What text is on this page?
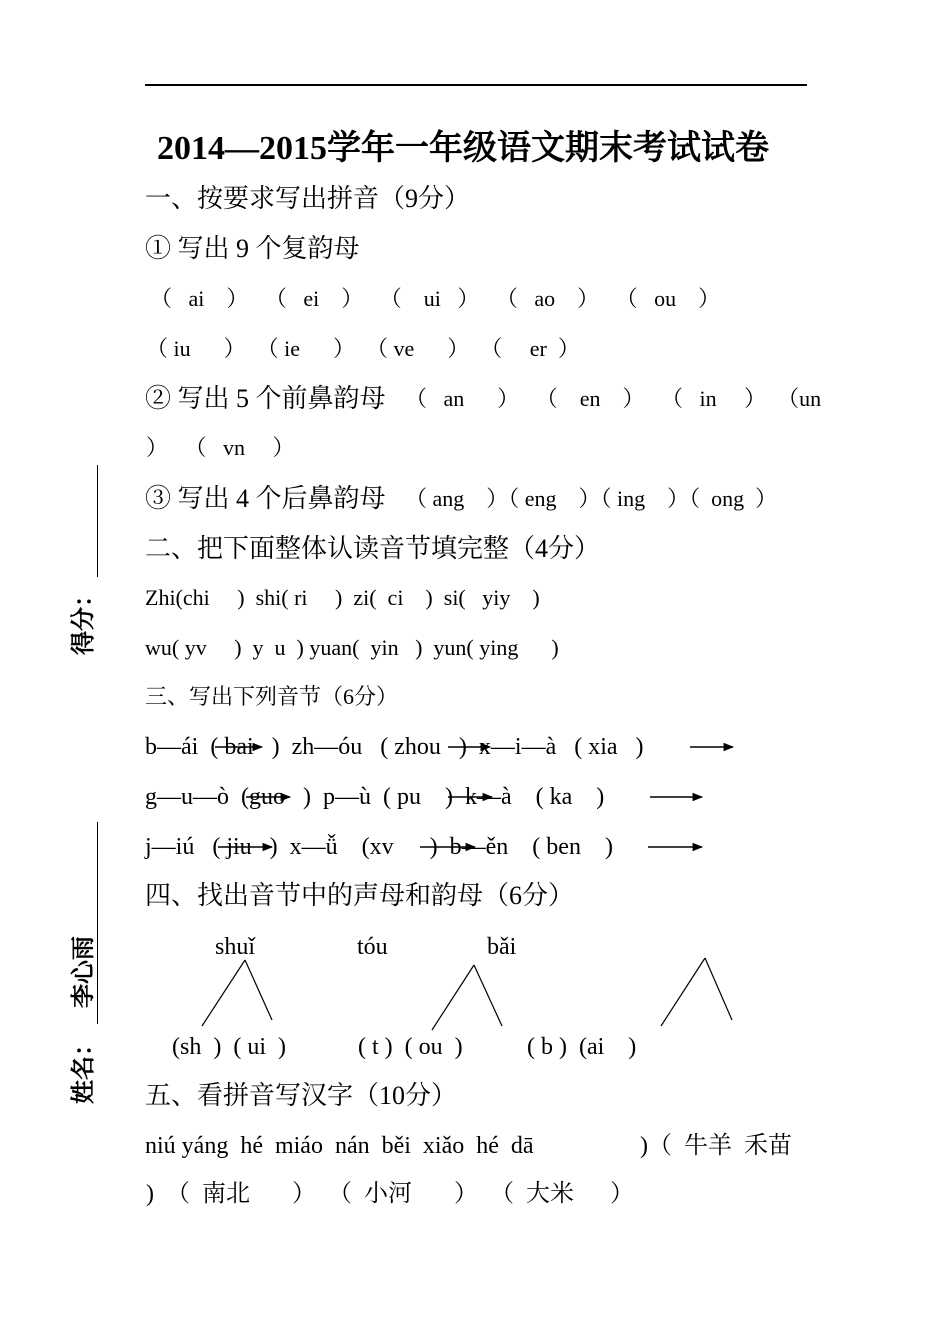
2014—2015学年一年级语文期末考试试卷
一、按要求写出拼音（9分）
① 写出 9 个复韵母
（   ai    ）   （   ei    ）   （    ui   ）   （   ao    ）   （   ou    ）
（ iu      ）  （ ie      ）  （ ve      ）  （     er  ）
② 写出 5 个前鼻韵母 （   an      ）   （    en    ）   （   in     ）  （un
）   （   vn     ）
③ 写出 4 个后鼻韵母 （ ang    ）（ eng    ）（ ing    ）（  ong  ）
二、把下面整体认读音节填完整（4分）
Zhi(chi     )  shi( ri     )  zi(  ci    )  si(   yiy    )
wu( yv     )  y  u  ) yuan(  yin   )  yun( ying      )
三、写出下列音节（6分）
b—ái  ( bai   )  zh—óu   ( zhou   )  x—i—à   ( xia   )
g—u—ò  (guo   )  p—ù  ( pu    )  k—à    ( ka    )
j—iú   ( jiu   )  x—ǚ    (xv      )  b—ěn    ( ben    )
四、找出音节中的声母和韵母（6分）
shuǐ	tóu	bǎi
(sh  )  ( ui  )	( t )  ( ou  )	( b )  (ai    )
五、看拼音写汉字（10分）
niú yáng  hé  miáo  nán  běi  xiǎo  hé  dā	)（  牛羊  禾苗
)  （  南北       ）  （  小河       ）  （  大米      ）
得分：
李心雨
姓名：
